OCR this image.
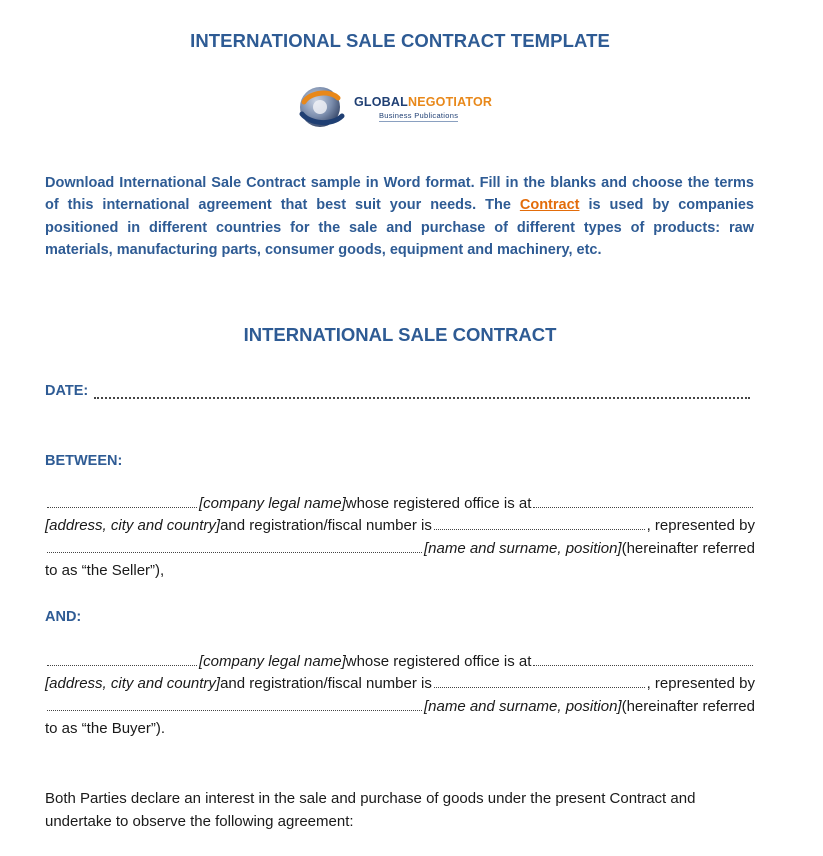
INTERNATIONAL SALE CONTRACT TEMPLATE
GLOBALNEGOTIATOR
Business Publications
Download International Sale Contract sample in Word format. Fill in the blanks and choose the terms of this international agreement that best suit your needs. The Contract is used by companies positioned in different countries for the sale and purchase of different types of products: raw materials, manufacturing parts, consumer goods, equipment and machinery, etc.
INTERNATIONAL SALE CONTRACT
DATE:
BETWEEN:
[company legal name] whose registered office is at
[address, city and country] and registration/fiscal number is	, represented by
[name and surname, position] (hereinafter referred
to as “the Seller”),
AND:
[company legal name] whose registered office is at
[address, city and country] and registration/fiscal number is	, represented by
[name and surname, position] (hereinafter referred
to as “the Buyer”).
Both Parties declare an interest in the sale and purchase of goods under the present Contract and undertake to observe the following agreement:
